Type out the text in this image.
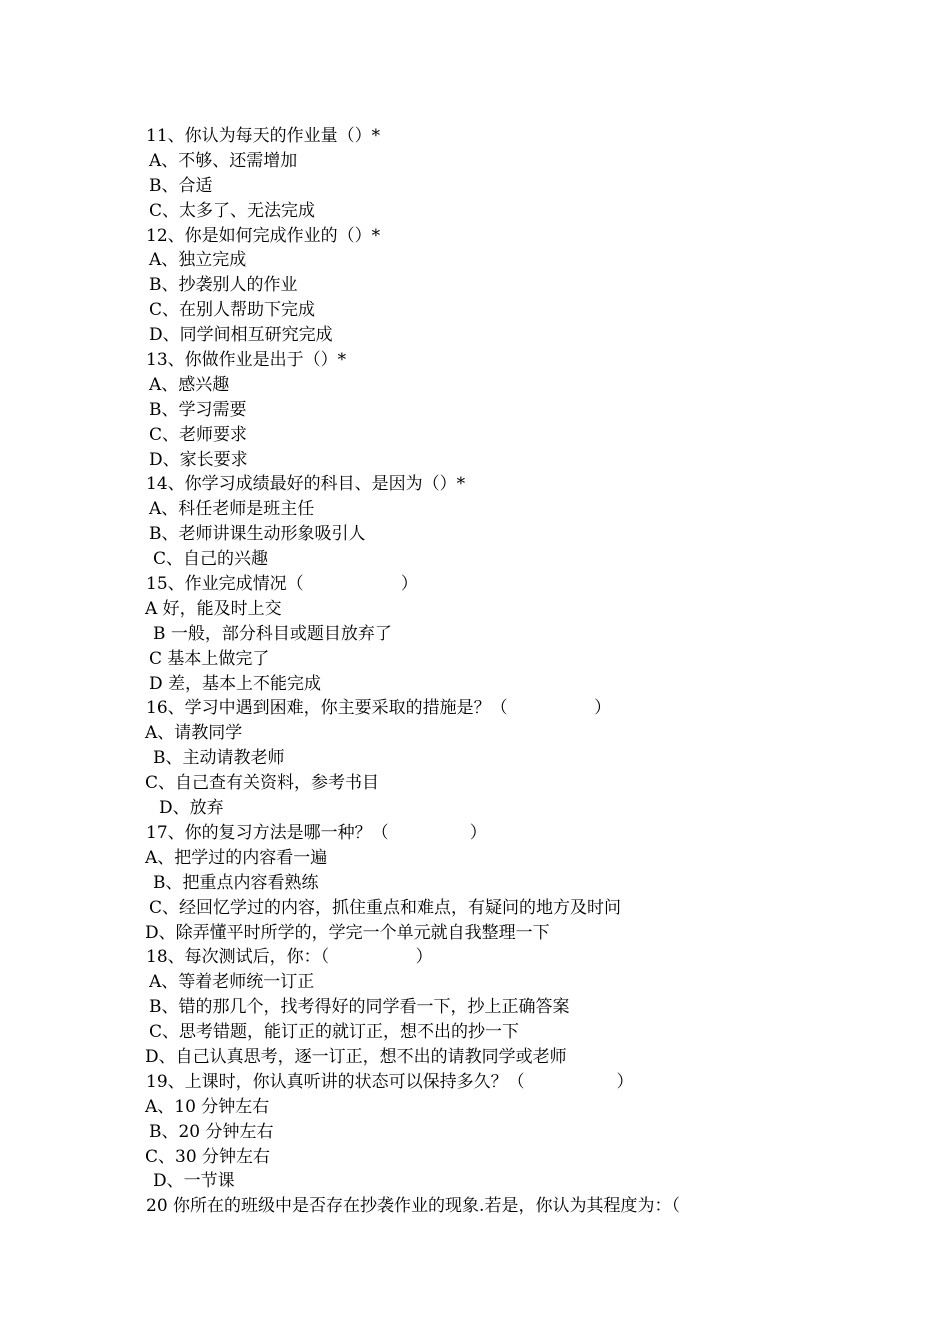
11、你认为每天的作业量（）*
A、不够、还需增加
B、合适
C、太多了、无法完成
12、你是如何完成作业的（）*
A、独立完成
B、抄袭别人的作业
C、在别人帮助下完成
D、同学间相互研究完成
13、你做作业是出于（）*
A、感兴趣
B、学习需要
C、老师要求
D、家长要求
14、你学习成绩最好的科目、是因为（）*
A、科任老师是班主任
B、老师讲课生动形象吸引人
C、自己的兴趣
15、作业完成情况（                  ）
A 好，能及时上交
B 一般，部分科目或题目放弃了
C 基本上做完了
D 差，基本上不能完成
16、学习中遇到困难，你主要采取的措施是？（                ）
A、请教同学
B、主动请教老师
C、自己查有关资料，参考书目
D、放弃
17、你的复习方法是哪一种？（               ）
A、把学过的内容看一遍
B、把重点内容看熟练
C、经回忆学过的内容，抓住重点和难点，有疑问的地方及时问
D、除弄懂平时所学的，学完一个单元就自我整理一下
18、每次测试后，你：（                ）
A、等着老师统一订正
B、错的那几个，找考得好的同学看一下，抄上正确答案
C、思考错题，能订正的就订正，想不出的抄一下
D、自己认真思考，逐一订正，想不出的请教同学或老师
19、上课时，你认真听讲的状态可以保持多久？（                 ）
A、10 分钟左右
B、20 分钟左右
C、30 分钟左右
D、一节课
20 你所在的班级中是否存在抄袭作业的现象.若是，你认为其程度为：（
